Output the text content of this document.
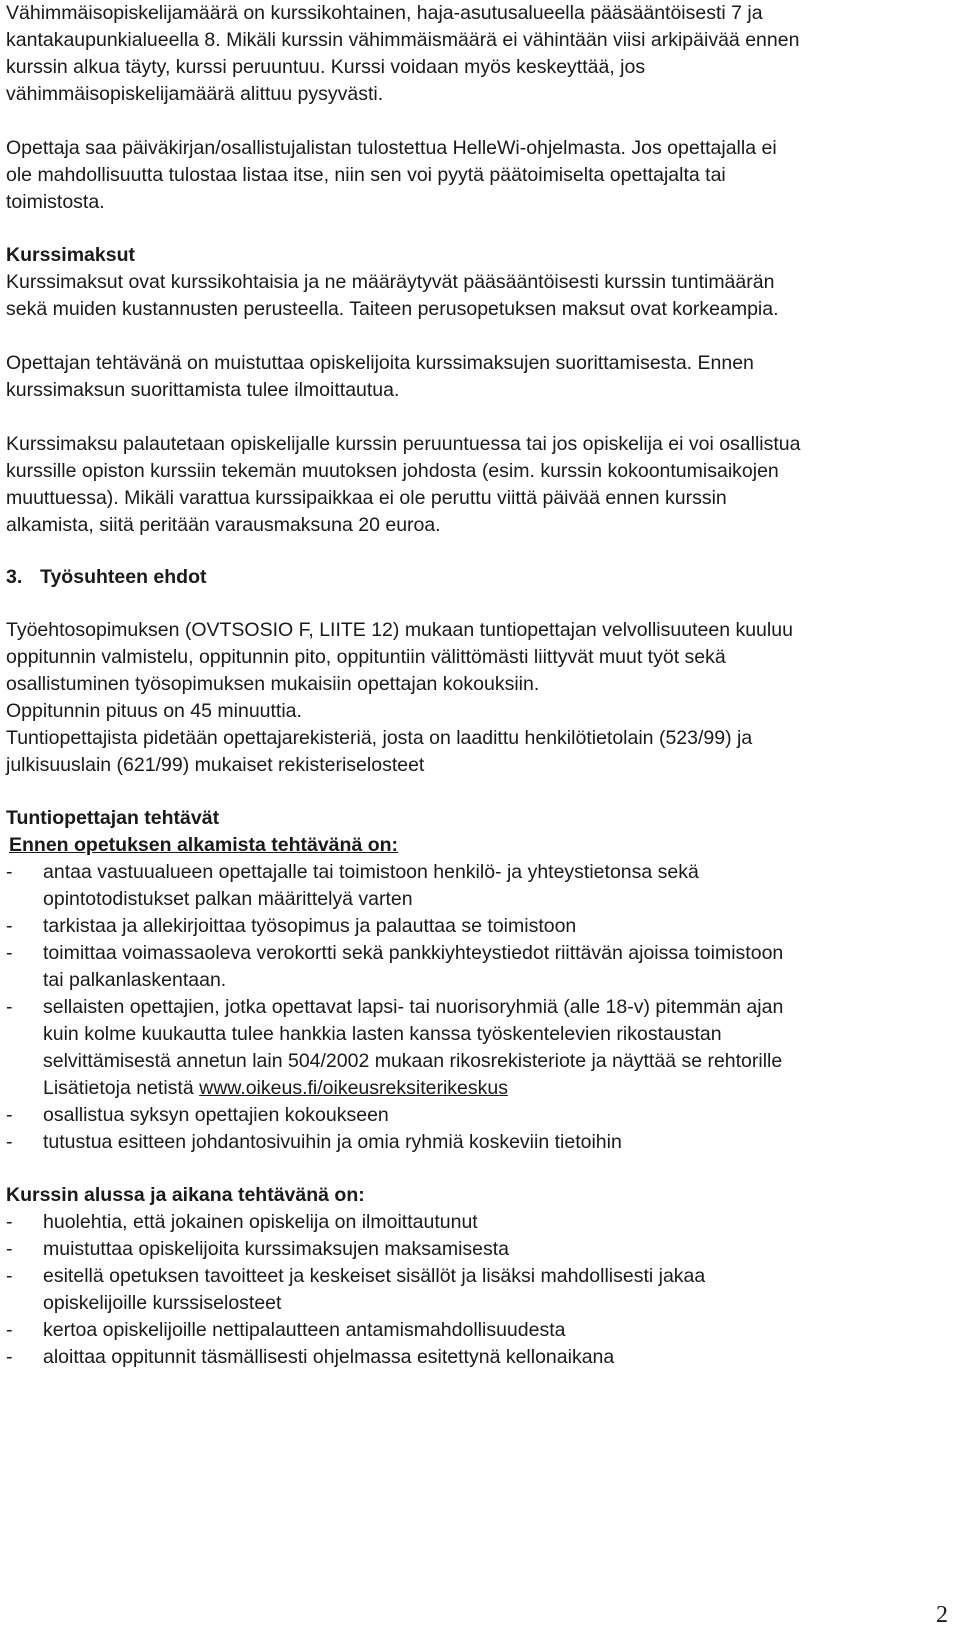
Vähimmäisopiskelijamäärä on kurssikohtainen, haja-asutusalueella pääsääntöisesti 7 ja
kantakaupunkialueella 8. Mikäli kurssin vähimmäismäärä ei vähintään viisi arkipäivää ennen
kurssin alkua täyty, kurssi peruuntuu. Kurssi voidaan myös keskeyttää, jos
vähimmäisopiskelijamäärä alittuu pysyvästi.

Opettaja saa päiväkirjan/osallistujalistan tulostettua HelleWi-ohjelmasta. Jos opettajalla ei
ole mahdollisuutta tulostaa listaa itse, niin sen voi pyytä päätoimiselta opettajalta tai
toimistosta.

Kurssimaksut

Kurssimaksut ovat kurssikohtaisia ja ne määräytyvät pääsääntöisesti kurssin tuntimäärän
sekä muiden kustannusten perusteella. Taiteen perusopetuksen maksut ovat korkeampia.

Opettajan tehtävänä on muistuttaa opiskelijoita kurssimaksujen suorittamisesta. Ennen
kurssimaksun suorittamista tulee ilmoittautua.

Kurssimaksu palautetaan opiskelijalle kurssin peruuntuessa tai jos opiskelija ei voi osallistua
kurssille opiston kurssiin tekemän muutoksen johdosta (esim. kurssin kokoontumisaikojen
muuttuessa). Mikäli varattua kurssipaikkaa ei ole peruttu viittä päivää ennen kurssin
alkamista, siitä peritään varausmaksuna 20 euroa.

3. Työsuhteen ehdot

Työehtosopimuksen (OVTSOSIO F, LIITE 12) mukaan tuntiopettajan velvollisuuteen kuuluu
oppitunnin valmistelu, oppitunnin pito, oppituntiin välittömästi liittyvät muut työt sekä
osallistuminen työsopimuksen mukaisiin opettajan kokouksiin.
Oppitunnin pituus on 45 minuuttia.
Tuntiopettajista pidetään opettajarekisteriä, josta on laadittu henkilötietolain (523/99) ja
julkisuuslain (621/99) mukaiset rekisteriselosteet

Tuntiopettajan tehtävät

Ennen opetuksen alkamista tehtävänä on:

- antaa vastuualueen opettajalle tai toimistoon henkilö- ja yhteystietonsa sekä
opintotodistukset palkan määrittelyä varten
- tarkistaa ja allekirjoittaa työsopimus ja palauttaa se toimistoon
- toimittaa voimassaoleva verokortti sekä pankkiyhteystiedot riittävän ajoissa toimistoon
tai palkanlaskentaan.
- sellaisten opettajien, jotka opettavat lapsi- tai nuorisoryhmiä (alle 18-v) pitemmän ajan
kuin kolme kuukautta tulee hankkia lasten kanssa työskentelevien rikostaustan
selvittämisestä annetun lain 504/2002 mukaan rikosrekisteriote ja näyttää se rehtorille
Lisätietoja netistä www.oikeus.fi/oikeusreksiterikeskus
- osallistua syksyn opettajien kokoukseen
- tutustua esitteen johdantosivuihin ja omia ryhmiä koskeviin tietoihin

Kurssin alussa ja aikana tehtävänä on:

- huolehtia, että jokainen opiskelija on ilmoittautunut
- muistuttaa opiskelijoita kurssimaksujen maksamisesta
- esitellä opetuksen tavoitteet ja keskeiset sisällöt ja lisäksi mahdollisesti jakaa
opiskelijoille kurssiselosteet
- kertoa opiskelijoille nettipalautteen antamismahdollisuudesta
- aloittaa oppitunnit täsmällisesti ohjelmassa esitettynä kellonaikana
2
